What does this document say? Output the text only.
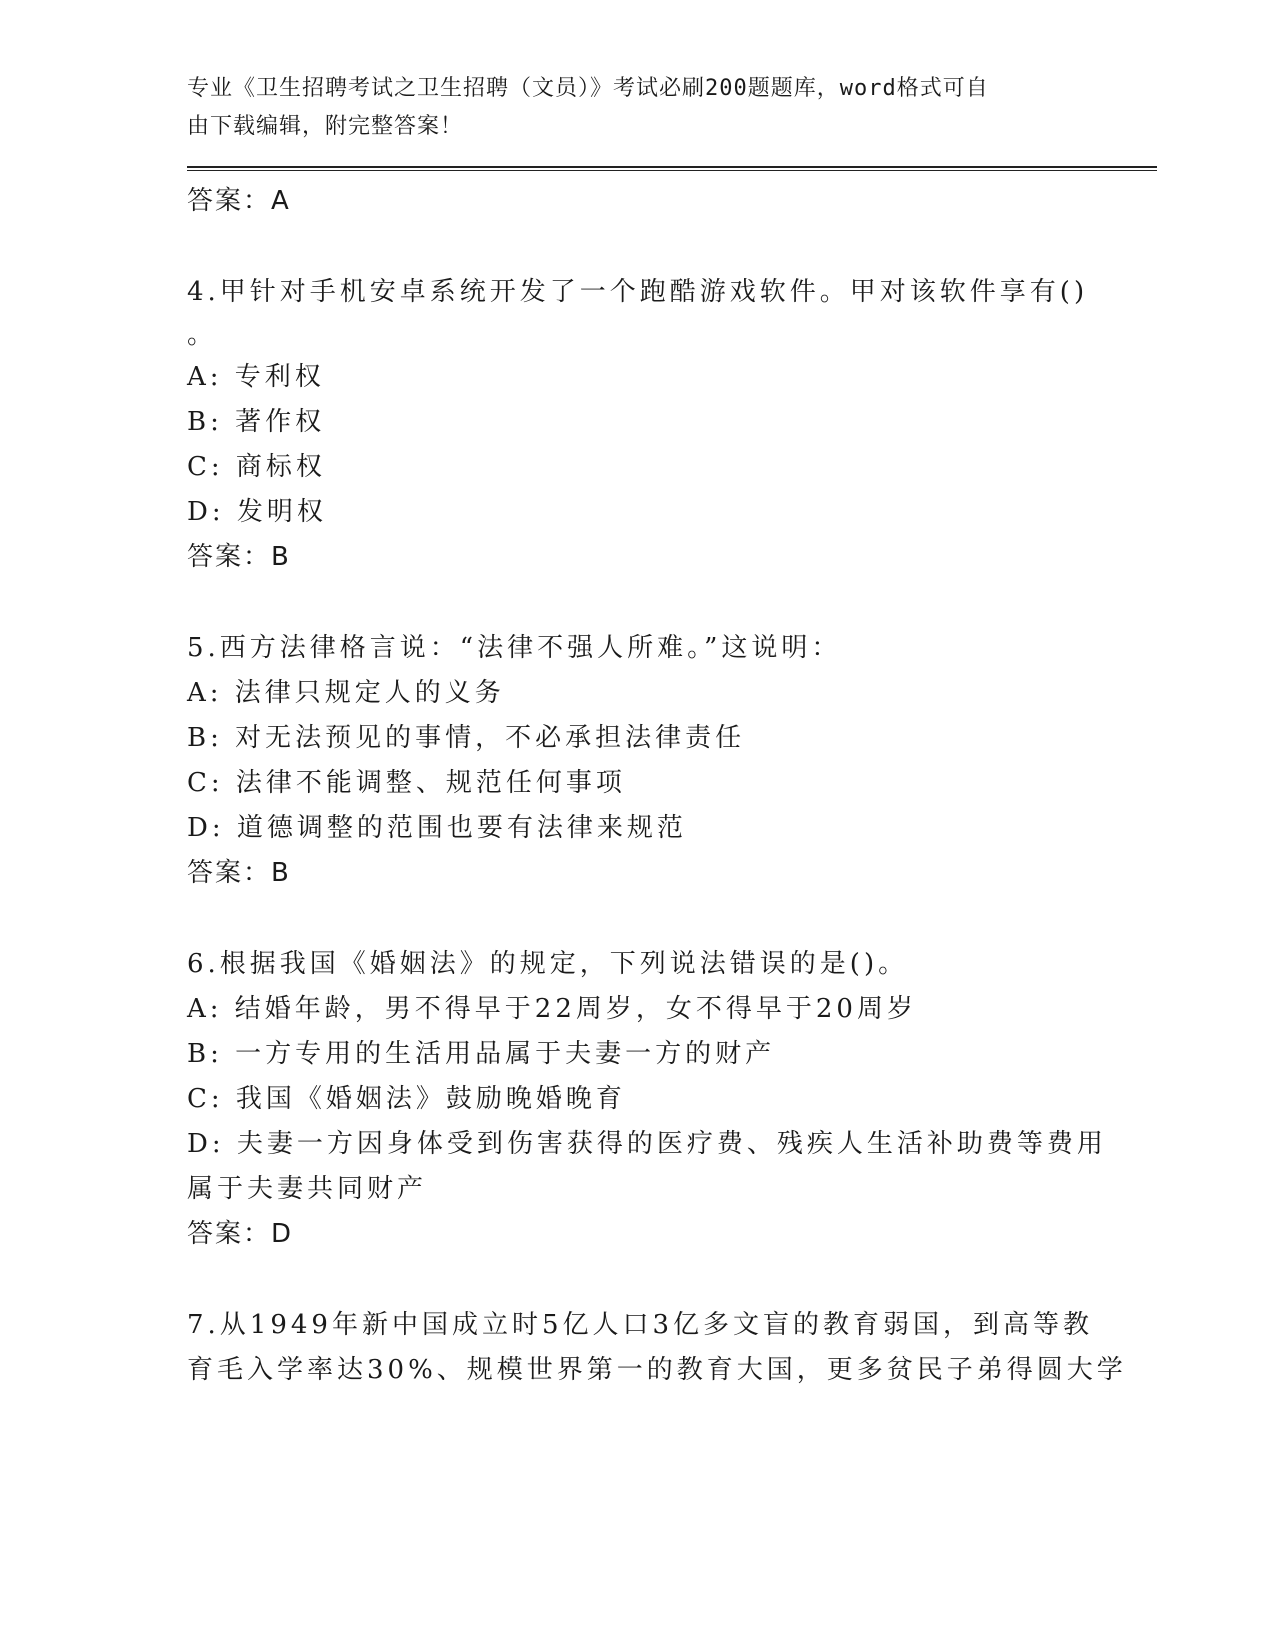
专业《卫生招聘考试之卫生招聘（文员）》考试必刷200题题库，word格式可自
由下载编辑，附完整答案！
答案：A
4.甲针对手机安卓系统开发了一个跑酷游戏软件。甲对该软件享有()
。
A: 专利权
B: 著作权
C: 商标权
D: 发明权
答案：B
5.西方法律格言说：“法律不强人所难。”这说明：
A: 法律只规定人的义务
B: 对无法预见的事情，不必承担法律责任
C: 法律不能调整、规范任何事项
D: 道德调整的范围也要有法律来规范
答案：B
6.根据我国《婚姻法》的规定，下列说法错误的是()。
A: 结婚年龄，男不得早于22周岁，女不得早于20周岁
B: 一方专用的生活用品属于夫妻一方的财产
C: 我国《婚姻法》鼓励晚婚晚育
D: 夫妻一方因身体受到伤害获得的医疗费、残疾人生活补助费等费用
属于夫妻共同财产
答案：D
7.从1949年新中国成立时5亿人口3亿多文盲的教育弱国，到高等教
育毛入学率达30%、规模世界第一的教育大国，更多贫民子弟得圆大学
